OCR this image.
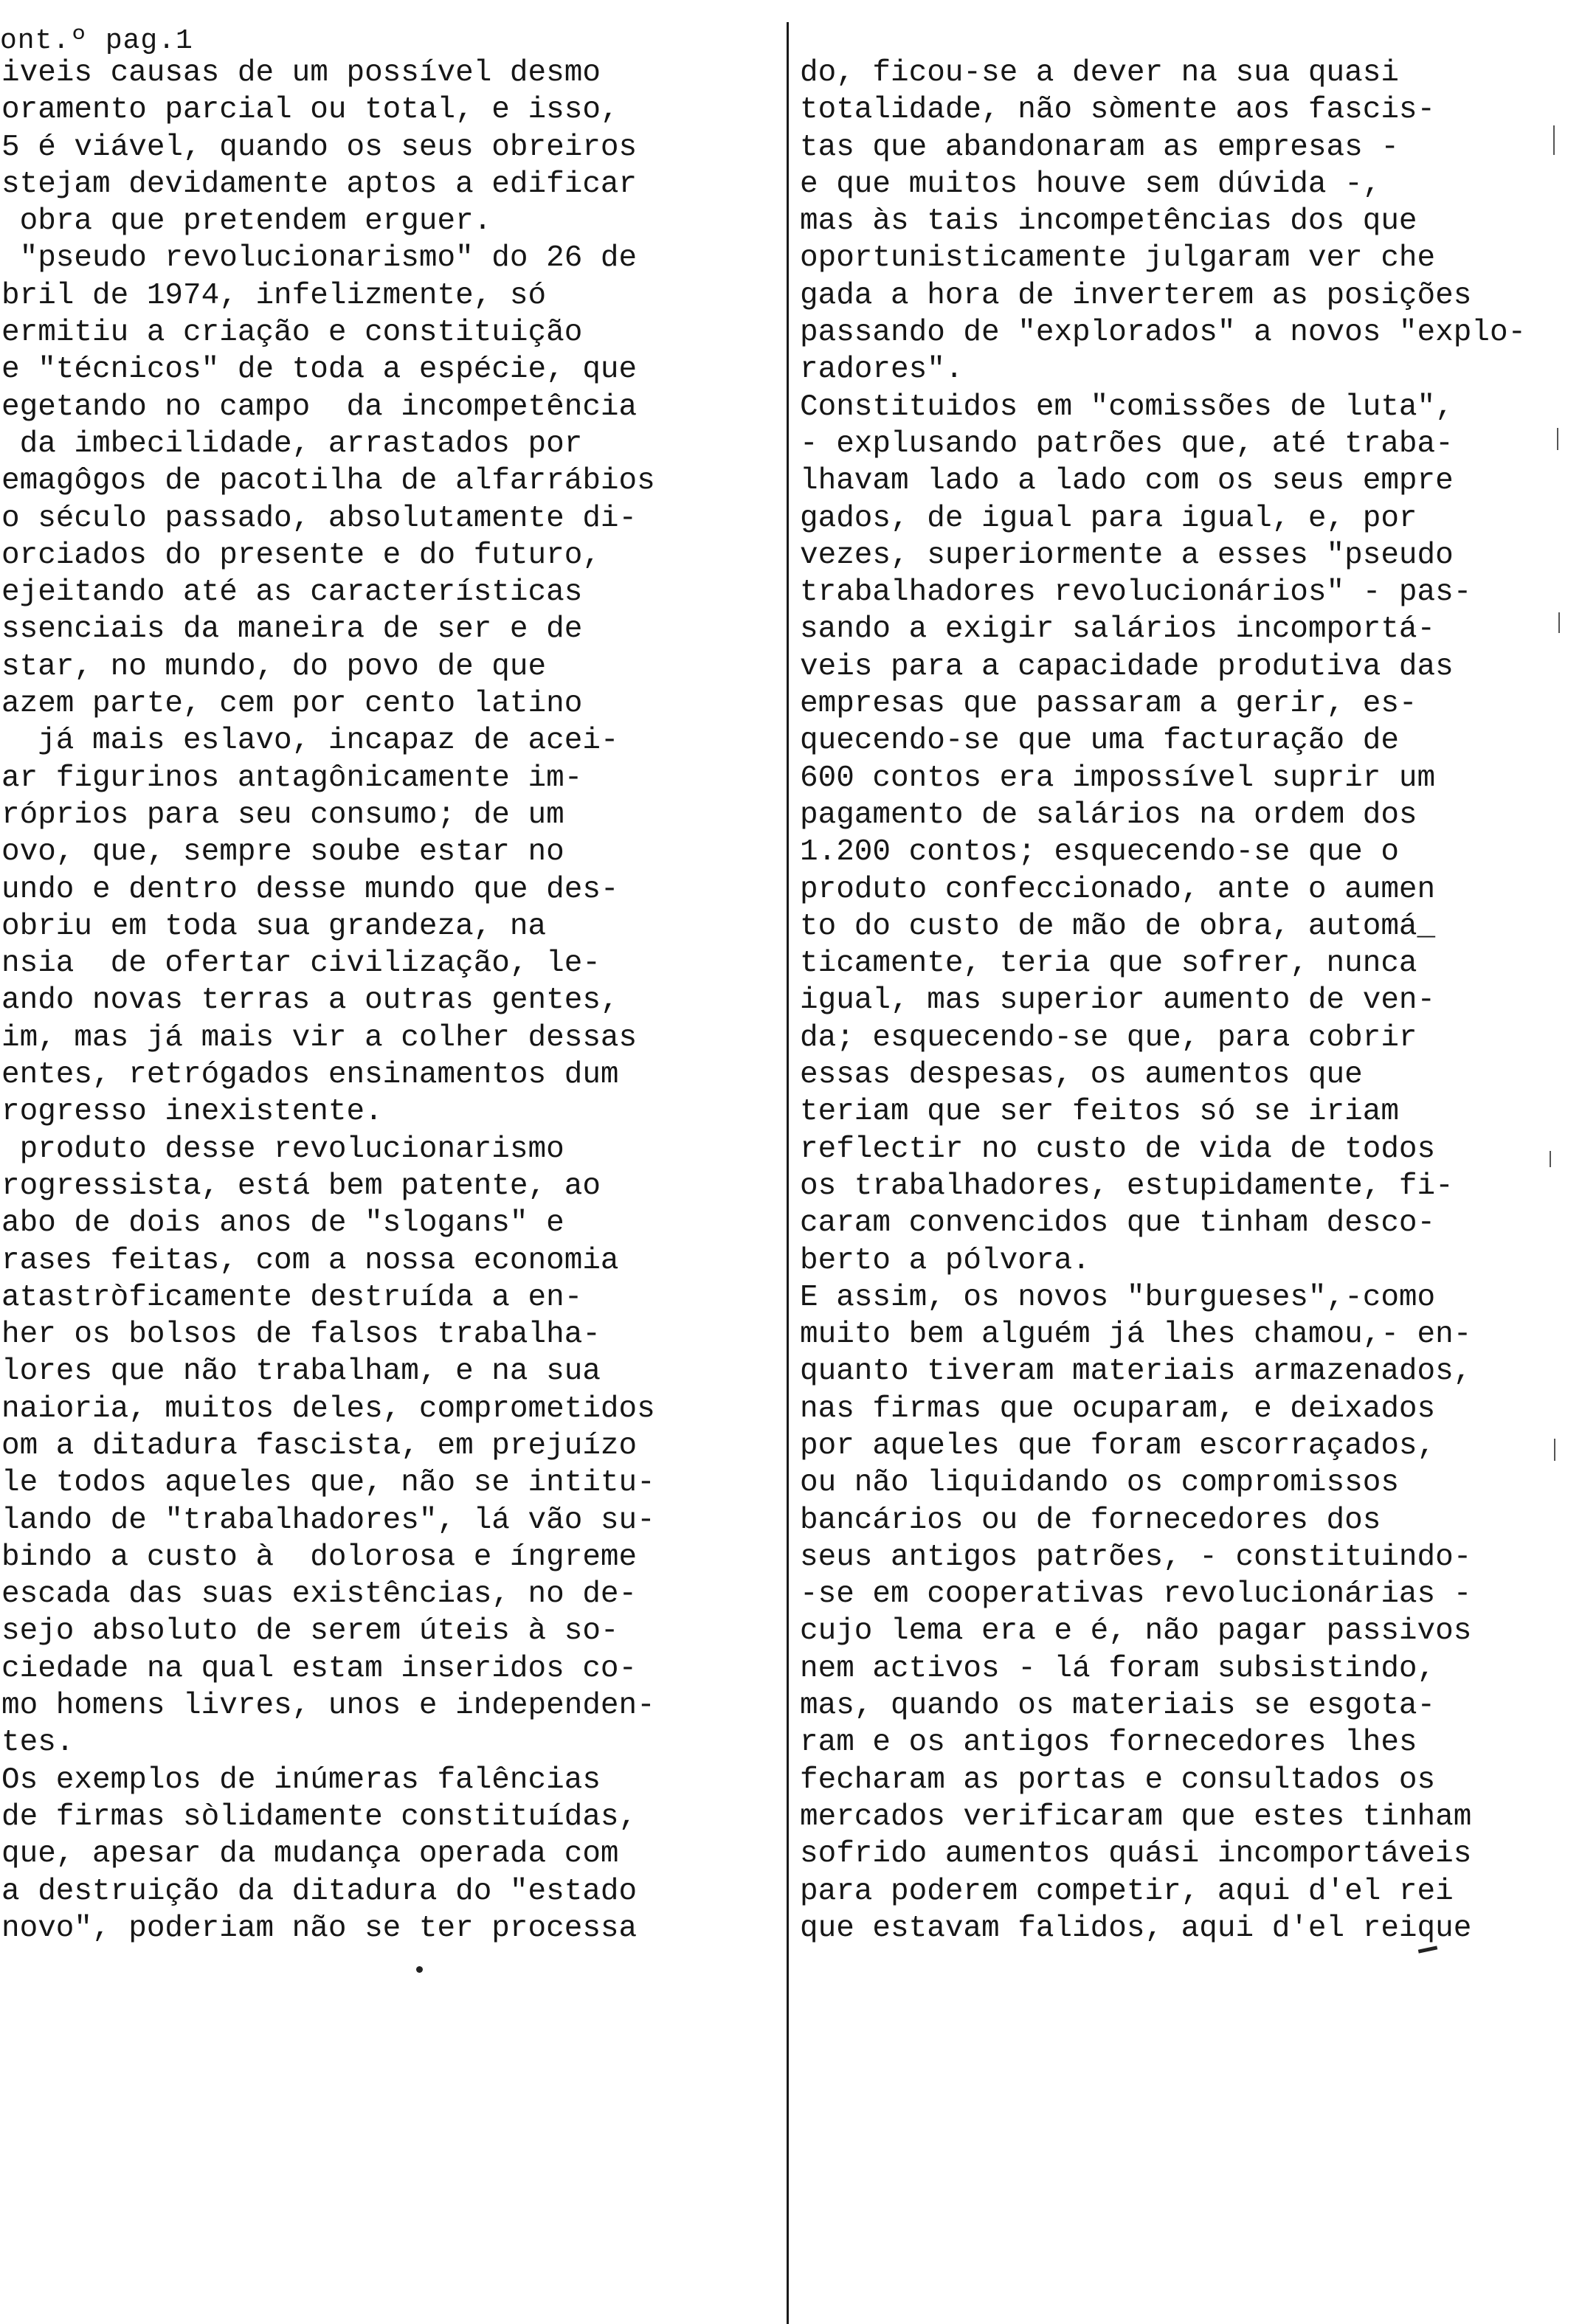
ont.º pag.1
iveis causas de um possível desmo
oramento parcial ou total, e isso,
5 é viável, quando os seus obreiros
stejam devidamente aptos a edificar
obra que pretendem erguer.
"pseudo revolucionarismo" do 26 de
bril de 1974, infelizmente, só
ermitiu a criação e constituição
e "técnicos" de toda a espécie, que
egetando no campo  da incompetência
da imbecilidade, arrastados por
emagôgos de pacotilha de alfarrábios
o século passado, absolutamente di-
orciados do presente e do futuro,
ejeitando até as características
ssenciais da maneira de ser e de
star, no mundo, do povo de que
azem parte, cem por cento latino
já mais eslavo, incapaz de acei-
ar figurinos antagônicamente im-
róprios para seu consumo; de um
ovo, que, sempre soube estar no
undo e dentro desse mundo que des-
obriu em toda sua grandeza, na
nsia  de ofertar civilização, le-
ando novas terras a outras gentes,
im, mas já mais vir a colher dessas
entes, retrógados ensinamentos dum
rogresso inexistente.
produto desse revolucionarismo
rogressista, está bem patente, ao
abo de dois anos de "slogans" e
rases feitas, com a nossa economia
atastròficamente destruída a en-
her os bolsos de falsos trabalha-
lores que não trabalham, e na sua
naioria, muitos deles, comprometidos
om a ditadura fascista, em prejuízo
le todos aqueles que, não se intitu-
lando de "trabalhadores", lá vão su-
bindo a custo à  dolorosa e íngreme
escada das suas existências, no de-
sejo absoluto de serem úteis à so-
ciedade na qual estam inseridos co-
mo homens livres, unos e independen-
tes.
Os exemplos de inúmeras falências
de firmas sòlidamente constituídas,
que, apesar da mudança operada com
a destruição da ditadura do "estado
novo", poderiam não se ter processa
do, ficou-se a dever na sua quasi
totalidade, não sòmente aos fascis-
tas que abandonaram as empresas -
e que muitos houve sem dúvida -,
mas às tais incompetências dos que
oportunisticamente julgaram ver che
gada a hora de inverterem as posições
passando de "explorados" a novos "explo-
radores".
Constituidos em "comissões de luta",
- explusando patrões que, até traba-
lhavam lado a lado com os seus empre
gados, de igual para igual, e, por
vezes, superiormente a esses "pseudo
trabalhadores revolucionários" - pas-
sando a exigir salários incomportá-
veis para a capacidade produtiva das
empresas que passaram a gerir, es-
quecendo-se que uma facturação de
600 contos era impossível suprir um
pagamento de salários na ordem dos
1.200 contos; esquecendo-se que o
produto confeccionado, ante o aumen
to do custo de mão de obra, automá_
ticamente, teria que sofrer, nunca
igual, mas superior aumento de ven-
da; esquecendo-se que, para cobrir
essas despesas, os aumentos que
teriam que ser feitos só se iriam
reflectir no custo de vida de todos
os trabalhadores, estupidamente, fi-
caram convencidos que tinham desco-
berto a pólvora.
E assim, os novos "burgueses",-como
muito bem alguém já lhes chamou,- en-
quanto tiveram materiais armazenados,
nas firmas que ocuparam, e deixados
por aqueles que foram escorraçados,
ou não liquidando os compromissos
bancários ou de fornecedores dos
seus antigos patrões, - constituindo-
-se em cooperativas revolucionárias -
cujo lema era e é, não pagar passivos
nem activos - lá foram subsistindo,
mas, quando os materiais se esgota-
ram e os antigos fornecedores lhes
fecharam as portas e consultados os
mercados verificaram que estes tinham
sofrido aumentos quási incomportáveis
para poderem competir, aqui d'el rei
que estavam falidos, aqui d'el reique
